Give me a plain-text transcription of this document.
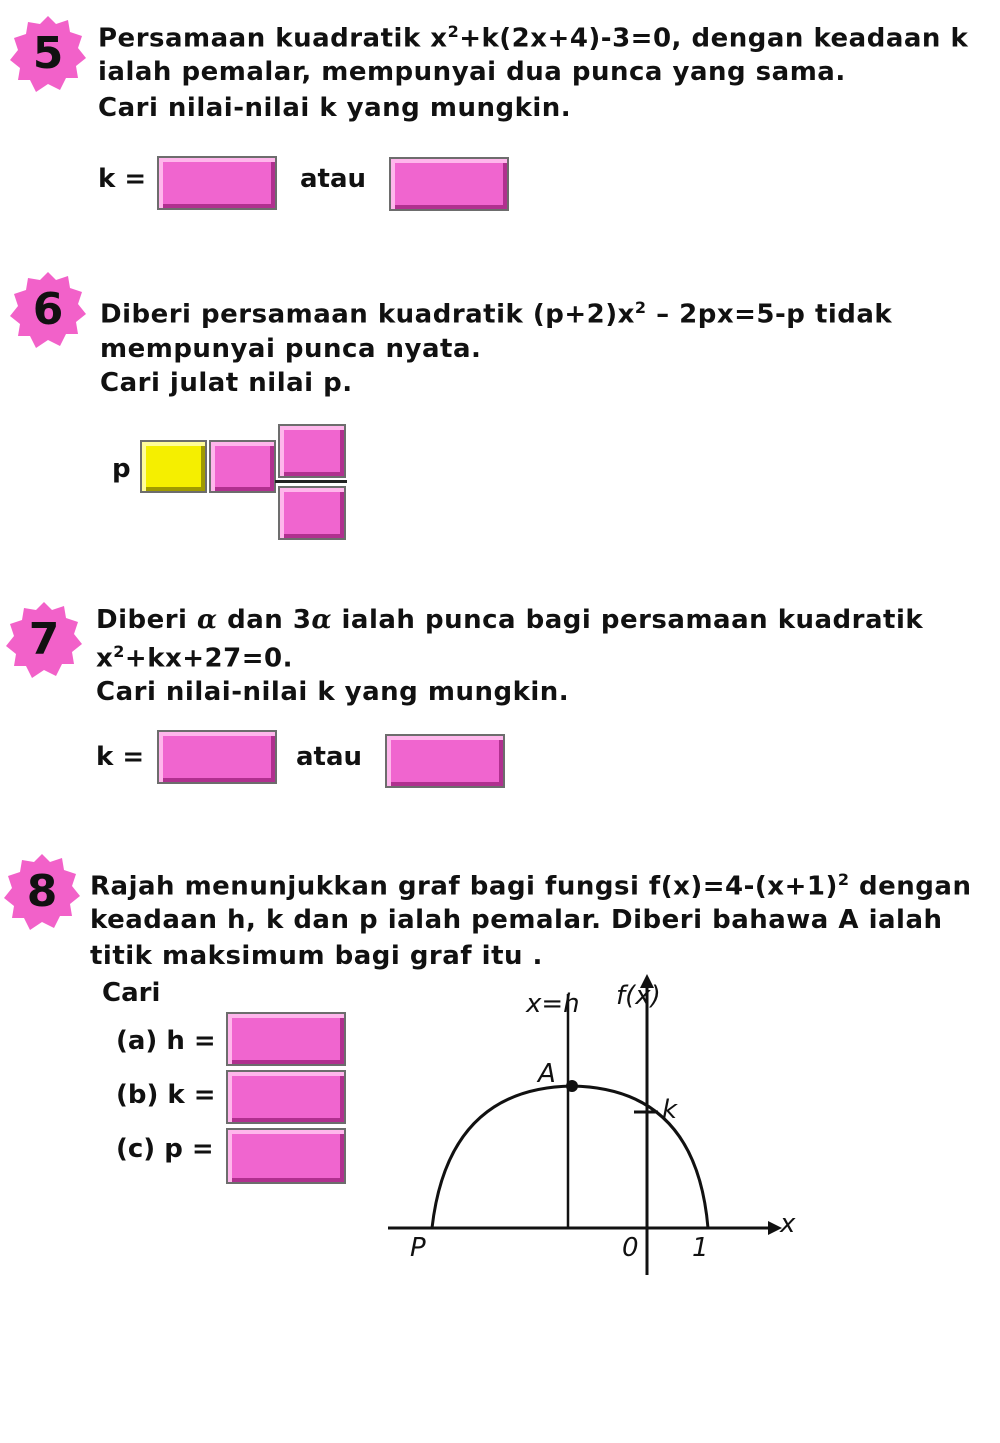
5	Persamaan kuadratik $x^2+k(2x+4)-3=0$, dengan keadaan k
ialah pemalar, mempunyai dua punca yang sama.
Cari nilai-nilai k yang mungkin.
k =	atau
6	Diberi persamaan kuadratik $(p+2)x^2 - 2px=5-p$ tidak
mempunyai punca nyata.
Cari julat nilai p.
p
7	Diberi α dan 3α ialah punca bagi persamaan kuadratik
$x^2+kx+27=0$.
Cari nilai-nilai k yang mungkin.
k =	atau
8	Rajah menunjukkan graf bagi fungsi $f(x)=4-(x+1)^2$ dengan
keadaan h, k dan p ialah pemalar. Diberi bahawa A ialah
titik maksimum bagi graf itu .
Cari
(a) h =
(b) k =
(c) p =
x=h f(x)
A
k
x
P	0 1
